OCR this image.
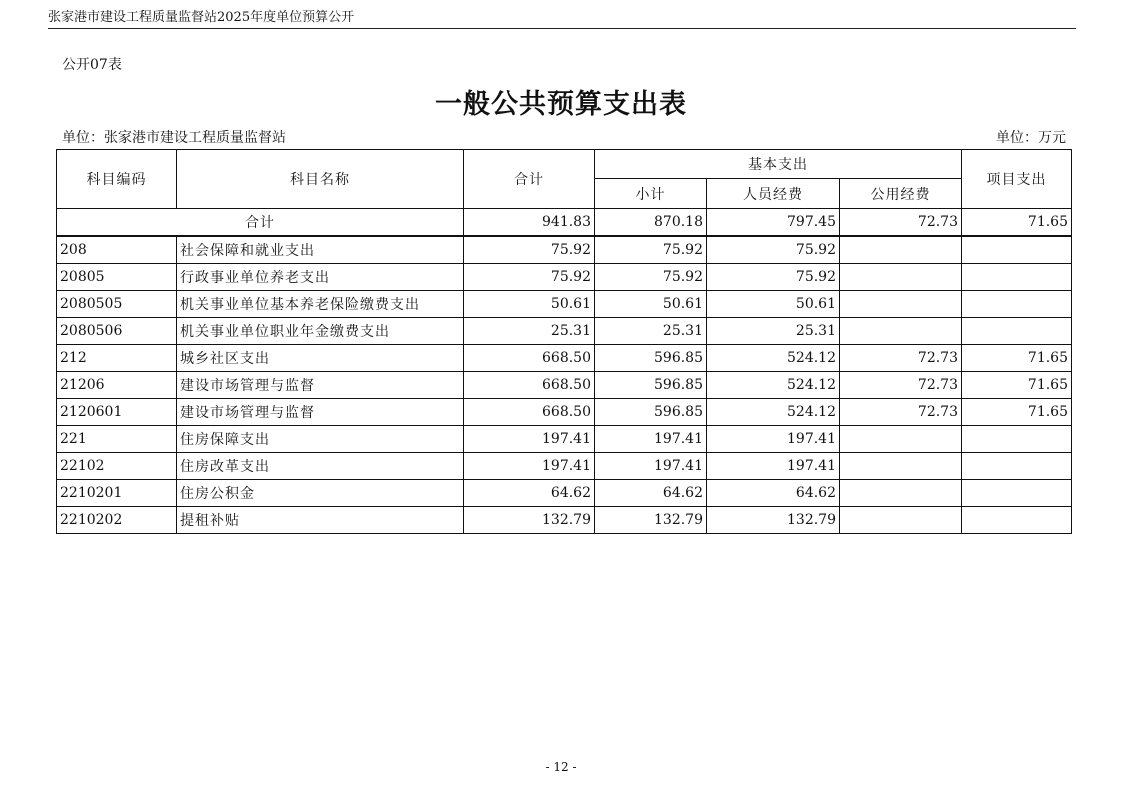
张家港市建设工程质量监督站2025年度单位预算公开
公开07表
一般公共预算支出表
单位：张家港市建设工程质量监督站	单位：万元
科目编码	科目名称	合计	基本支出			项目支出
			小计	人员经费	公用经费	
合计		941.83	870.18	797.45	72.73	71.65
208	社会保障和就业支出	75.92	75.92	75.92		
20805	行政事业单位养老支出	75.92	75.92	75.92		
2080505	机关事业单位基本养老保险缴费支出	50.61	50.61	50.61		
2080506	机关事业单位职业年金缴费支出	25.31	25.31	25.31		
212	城乡社区支出	668.50	596.85	524.12	72.73	71.65
21206	建设市场管理与监督	668.50	596.85	524.12	72.73	71.65
2120601	建设市场管理与监督	668.50	596.85	524.12	72.73	71.65
221	住房保障支出	197.41	197.41	197.41		
22102	住房改革支出	197.41	197.41	197.41		
2210201	住房公积金	64.62	64.62	64.62		
2210202	提租补贴	132.79	132.79	132.79		
- 12 -
